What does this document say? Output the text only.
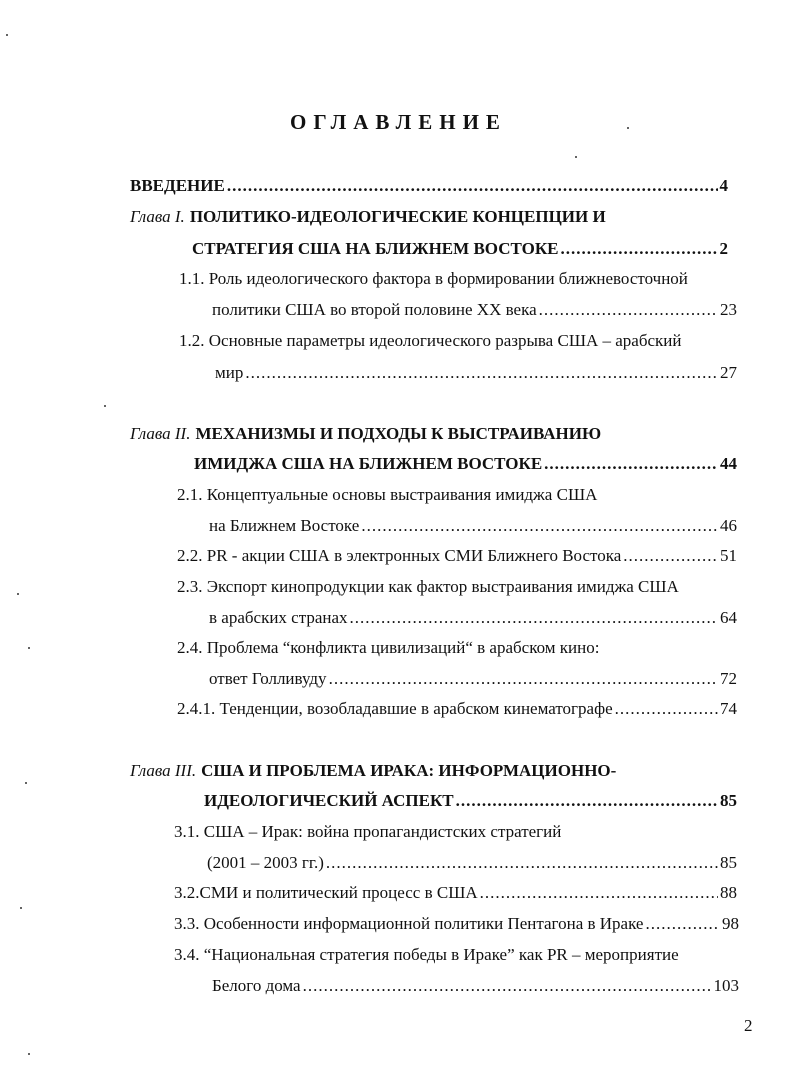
ОГЛАВЛЕНИЕ
ВВЕДЕНИЕ .....	4
Глава I. ПОЛИТИКО-ИДЕОЛОГИЧЕСКИЕ КОНЦЕПЦИИ И
СТРАТЕГИЯ США НА БЛИЖНЕМ ВОСТОКЕ .....	2
1.1. Роль идеологического фактора в формировании ближневосточной
политики США во второй половине XX века .....	23
1.2. Основные параметры идеологического разрыва США – арабский
мир .....	27
Глава II. МЕХАНИЗМЫ И ПОДХОДЫ К ВЫСТРАИВАНИЮ
ИМИДЖА США НА БЛИЖНЕМ ВОСТОКЕ .....	44
2.1. Концептуальные основы выстраивания имиджа США
на Ближнем Востоке .....	46
2.2. PR - акции США в электронных СМИ Ближнего Востока .....	51
2.3. Экспорт кинопродукции как фактор выстраивания имиджа США
в арабских странах .....	64
2.4. Проблема “конфликта цивилизаций“ в арабском кино:
ответ Голливуду .....	72
2.4.1. Тенденции, возобладавшие в арабском кинематографе .....	74
Глава III. США И ПРОБЛЕМА ИРАКА: ИНФОРМАЦИОННО-
ИДЕОЛОГИЧЕСКИЙ АСПЕКТ .....	85
3.1. США – Ирак: война пропагандистских стратегий
(2001 – 2003 гг.) .....	85
3.2.СМИ и политический процесс в США .....	88
3.3. Особенности информационной политики Пентагона в Ираке .....	98
3.4. “Национальная стратегия победы в Ираке” как PR – мероприятие
Белого дома .....	103
2
